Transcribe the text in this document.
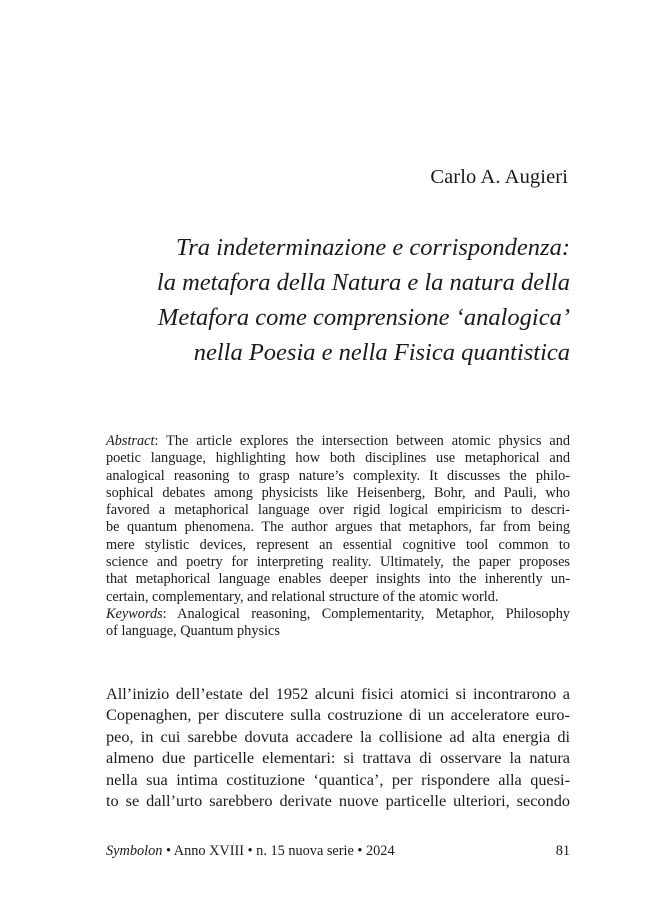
Carlo A. Augieri
Tra indeterminazione e corrispondenza:
la metafora della Natura e la natura della
Metafora come comprensione ‘analogica’
nella Poesia e nella Fisica quantistica
Abstract: The article explores the intersection between atomic physics and
poetic language, highlighting how both disciplines use metaphorical and
analogical reasoning to grasp nature’s complexity. It discusses the philo-
sophical debates among physicists like Heisenberg, Bohr, and Pauli, who
favored a metaphorical language over rigid logical empiricism to descri-
be quantum phenomena. The author argues that metaphors, far from being
mere stylistic devices, represent an essential cognitive tool common to
science and poetry for interpreting reality. Ultimately, the paper proposes
that metaphorical language enables deeper insights into the inherently un-
certain, complementary, and relational structure of the atomic world.
Keywords: Analogical reasoning, Complementarity, Metaphor, Philosophy
of language, Quantum physics
All’inizio dell’estate del 1952 alcuni fisici atomici si incontrarono a
Copenaghen, per discutere sulla costruzione di un acceleratore euro-
peo, in cui sarebbe dovuta accadere la collisione ad alta energia di
almeno due particelle elementari: si trattava di osservare la natura
nella sua intima costituzione ‘quantica’, per rispondere alla quesi-
to se dall’urto sarebbero derivate nuove particelle ulteriori, secondo
Symbolon • Anno XVIII • n. 15 nuova serie • 2024	81
